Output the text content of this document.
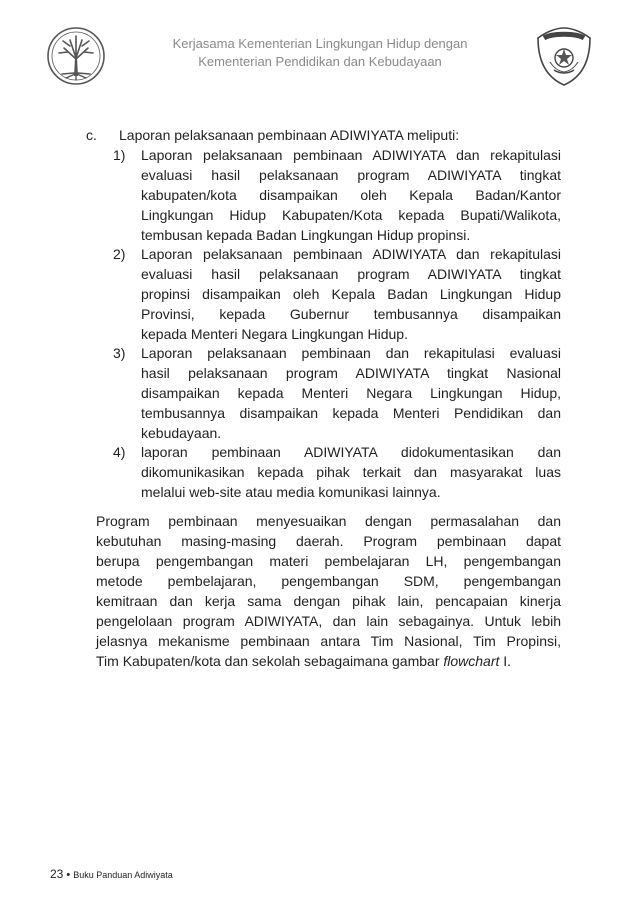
Kerjasama Kementerian Lingkungan Hidup dengan
Kementerian Pendidikan dan Kebudayaan
c. Laporan pelaksanaan pembinaan ADIWIYATA meliputi:
1) Laporan pelaksanaan pembinaan ADIWIYATA dan rekapitulasi
evaluasi hasil pelaksanaan program ADIWIYATA tingkat
kabupaten/kota disampaikan oleh Kepala Badan/Kantor
Lingkungan Hidup Kabupaten/Kota kepada Bupati/Walikota,
tembusan kepada Badan Lingkungan Hidup propinsi.
2) Laporan pelaksanaan pembinaan ADIWIYATA dan rekapitulasi
evaluasi hasil pelaksanaan program ADIWIYATA tingkat
propinsi disampaikan oleh Kepala Badan Lingkungan Hidup
Provinsi, kepada Gubernur tembusannya disampaikan
kepada Menteri Negara Lingkungan Hidup.
3) Laporan pelaksanaan pembinaan dan rekapitulasi evaluasi
hasil pelaksanaan program ADIWIYATA tingkat Nasional
disampaikan kepada Menteri Negara Lingkungan Hidup,
tembusannya disampaikan kepada Menteri Pendidikan dan
kebudayaan.
4) laporan pembinaan ADIWIYATA didokumentasikan dan
dikomunikasikan kepada pihak terkait dan masyarakat luas
melalui web-site atau media komunikasi lainnya.
Program pembinaan menyesuaikan dengan permasalahan dan
kebutuhan masing-masing daerah. Program pembinaan dapat
berupa pengembangan materi pembelajaran LH, pengembangan
metode pembelajaran, pengembangan SDM, pengembangan
kemitraan dan kerja sama dengan pihak lain, pencapaian kinerja
pengelolaan program ADIWIYATA, dan lain sebagainya. Untuk lebih
jelasnya mekanisme pembinaan antara Tim Nasional, Tim Propinsi,
Tim Kabupaten/kota dan sekolah sebagaimana gambar flowchart I.
23 • Buku Panduan Adiwiyata
